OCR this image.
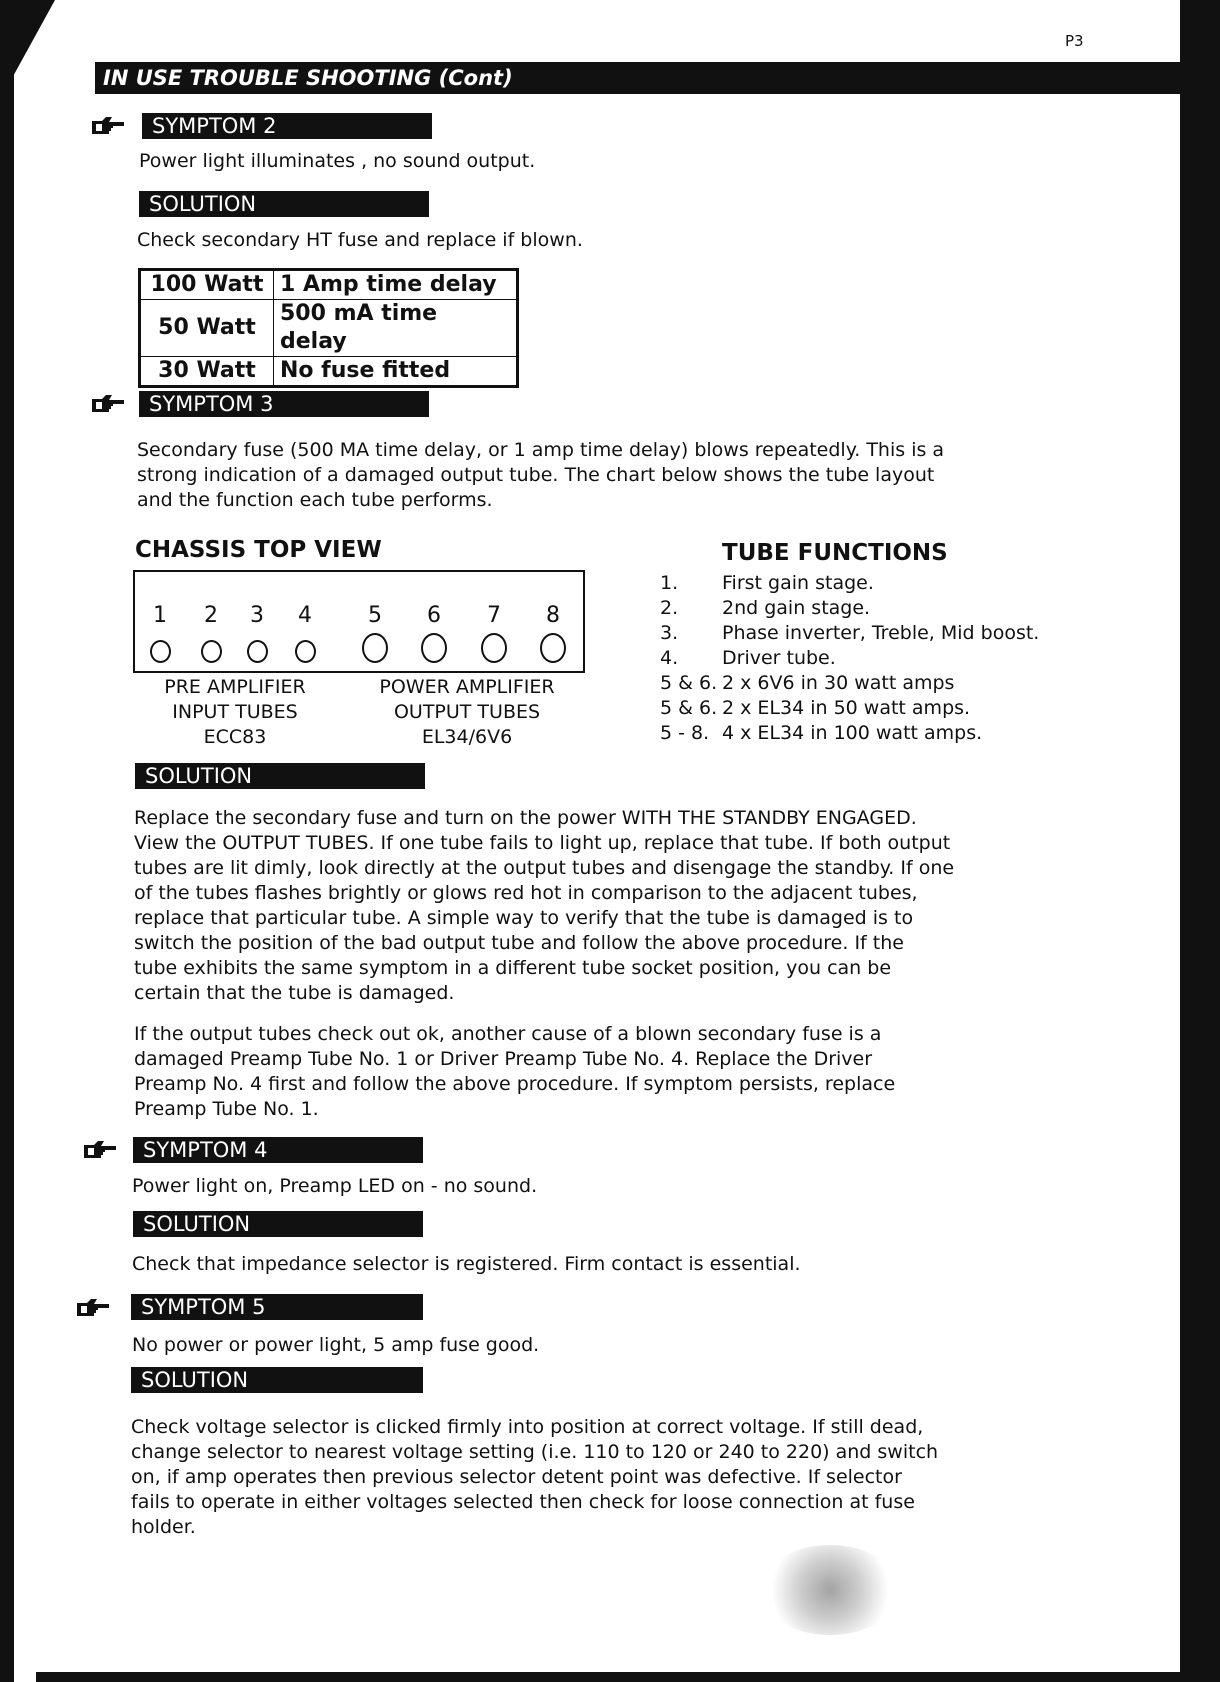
P3
IN USE TROUBLE SHOOTING (Cont)
SYMPTOM 2
Power light illuminates , no sound output.
SOLUTION
Check secondary HT fuse and replace if blown.
100 Watt	1 Amp time delay
50 Watt	500 mA time delay
30 Watt	No fuse fitted
SYMPTOM 3
Secondary fuse (500 MA time delay, or 1 amp time delay) blows repeatedly. This is a
strong indication of a damaged output tube. The chart below shows the tube layout
and the function each tube performs.
CHASSIS TOP VIEW
1 2 3 4	5 6 7 8
PRE AMPLIFIER
INPUT TUBES
ECC83
POWER AMPLIFIER
OUTPUT TUBES
EL34/6V6
TUBE FUNCTIONS
1. First gain stage.
2. 2nd gain stage.
3. Phase inverter, Treble, Mid boost.
4. Driver tube.
5 & 6. 2 x 6V6 in 30 watt amps
5 & 6. 2 x EL34 in 50 watt amps.
5 - 8. 4 x EL34 in 100 watt amps.
SOLUTION
Replace the secondary fuse and turn on the power WITH THE STANDBY ENGAGED.
View the OUTPUT TUBES. If one tube fails to light up, replace that tube. If both output
tubes are lit dimly, look directly at the output tubes and disengage the standby. If one
of the tubes flashes brightly or glows red hot in comparison to the adjacent tubes,
replace that particular tube. A simple way to verify that the tube is damaged is to
switch the position of the bad output tube and follow the above procedure. If the
tube exhibits the same symptom in a different tube socket position, you can be
certain that the tube is damaged.
If the output tubes check out ok, another cause of a blown secondary fuse is a
damaged Preamp Tube No. 1 or Driver Preamp Tube No. 4. Replace the Driver
Preamp No. 4 first and follow the above procedure. If symptom persists, replace
Preamp Tube No. 1.
SYMPTOM 4
Power light on, Preamp LED on - no sound.
SOLUTION
Check that impedance selector is registered. Firm contact is essential.
SYMPTOM 5
No power or power light, 5 amp fuse good.
SOLUTION
Check voltage selector is clicked firmly into position at correct voltage. If still dead,
change selector to nearest voltage setting (i.e. 110 to 120 or 240 to 220) and switch
on, if amp operates then previous selector detent point was defective. If selector
fails to operate in either voltages selected then check for loose connection at fuse
holder.
